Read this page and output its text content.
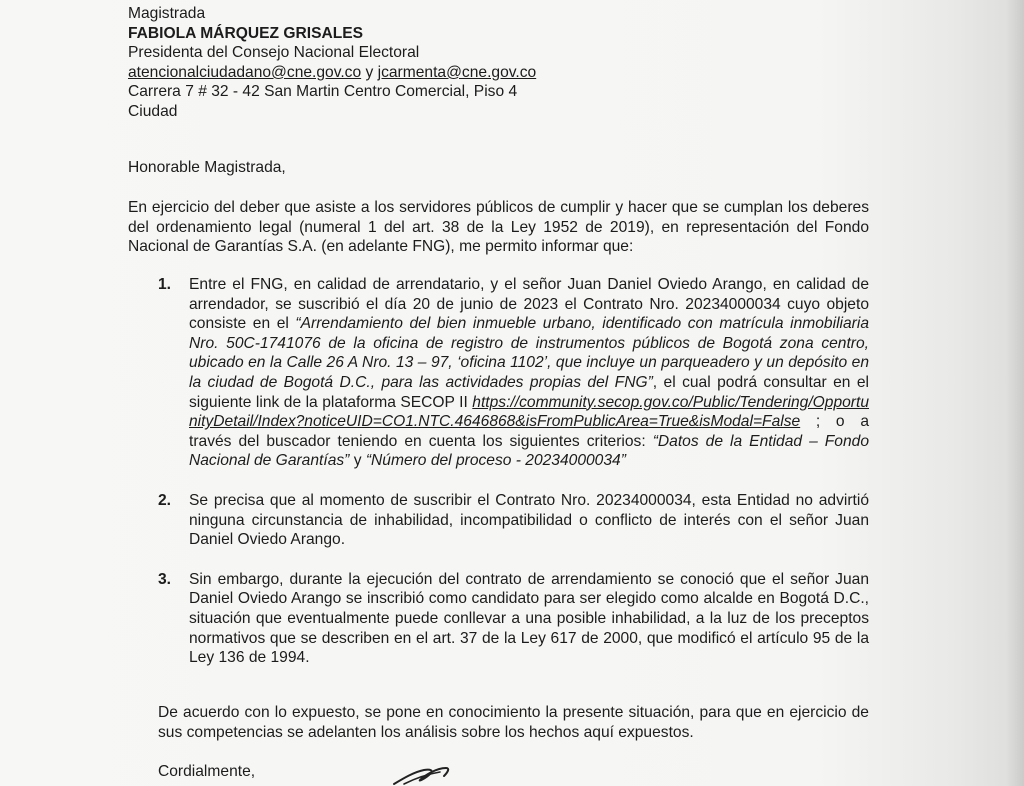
Magistrada
FABIOLA MÁRQUEZ GRISALES
Presidenta del Consejo Nacional Electoral
atencionalciudadano@cne.gov.co y jcarmenta@cne.gov.co
Carrera 7 # 32 - 42 San Martin Centro Comercial, Piso 4
Ciudad
Honorable Magistrada,

En ejercicio del deber que asiste a los servidores públicos de cumplir y hacer que se cumplan los deberes del ordenamiento legal (numeral 1 del art. 38 de la Ley 1952 de 2019), en representación del Fondo Nacional de Garantías S.A. (en adelante FNG), me permito informar que:

1. Entre el FNG, en calidad de arrendatario, y el señor Juan Daniel Oviedo Arango, en calidad de arrendador, se suscribió el día 20 de junio de 2023 el Contrato Nro. 20234000034 cuyo objeto consiste en el “Arrendamiento del bien inmueble urbano, identificado con matrícula inmobiliaria Nro. 50C-1741076 de la oficina de registro de instrumentos públicos de Bogotá zona centro, ubicado en la Calle 26 A Nro. 13 – 97, ‘oficina 1102’, que incluye un parqueadero y un depósito en la ciudad de Bogotá D.C., para las actividades propias del FNG”, el cual podrá consultar en el siguiente link de la plataforma SECOP II https://community.secop.gov.co/Public/Tendering/OpportunityDetail/Index?noticeUID=CO1.NTC.4646868&isFromPublicArea=True&isModal=False ; o a través del buscador teniendo en cuenta los siguientes criterios: “Datos de la Entidad – Fondo Nacional de Garantías” y “Número del proceso - 20234000034”
2. Se precisa que al momento de suscribir el Contrato Nro. 20234000034, esta Entidad no advirtió ninguna circunstancia de inhabilidad, incompatibilidad o conflicto de interés con el señor Juan Daniel Oviedo Arango.
3. Sin embargo, durante la ejecución del contrato de arrendamiento se conoció que el señor Juan Daniel Oviedo Arango se inscribió como candidato para ser elegido como alcalde en Bogotá D.C., situación que eventualmente puede conllevar a una posible inhabilidad, a la luz de los preceptos normativos que se describen en el art. 37 de la Ley 617 de 2000, que modificó el artículo 95 de la Ley 136 de 1994.

De acuerdo con lo expuesto, se pone en conocimiento la presente situación, para que en ejercicio de sus competencias se adelanten los análisis sobre los hechos aquí expuestos.

Cordialmente,
